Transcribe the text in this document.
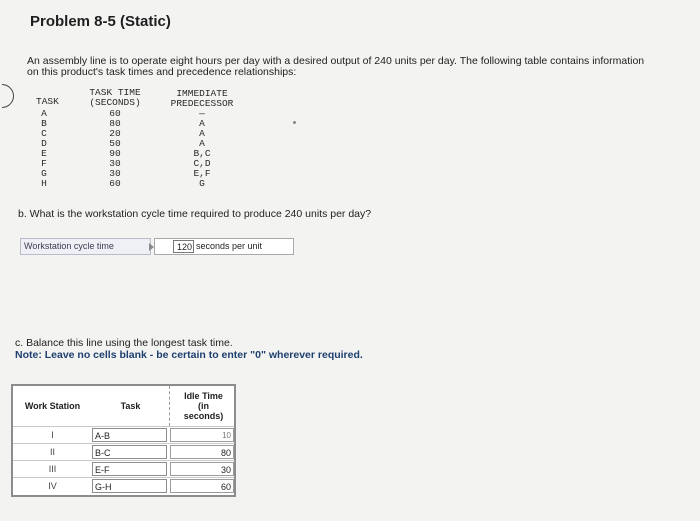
Problem 8-5 (Static)
An assembly line is to operate eight hours per day with a desired output of 240 units per day. The following table contains information
on this product's task times and precedence relationships:
TASK
TASK TIME
(SECONDS)
IMMEDIATE
PREDECESSOR
A	60	—
B	80	A
C	20	A
D	50	A
E	90	B,C
F	30	C,D
G	30	E,F
H	60	G
b. What is the workstation cycle time required to produce 240 units per day?
Workstation cycle time	120 seconds per unit
c. Balance this line using the longest task time.
Note: Leave no cells blank - be certain to enter "0" wherever required.
Work Station	Task
Idle Time
(in
seconds)
I	A-B	10
II	B-C	80
III	E-F	30
IV	G-H	60
